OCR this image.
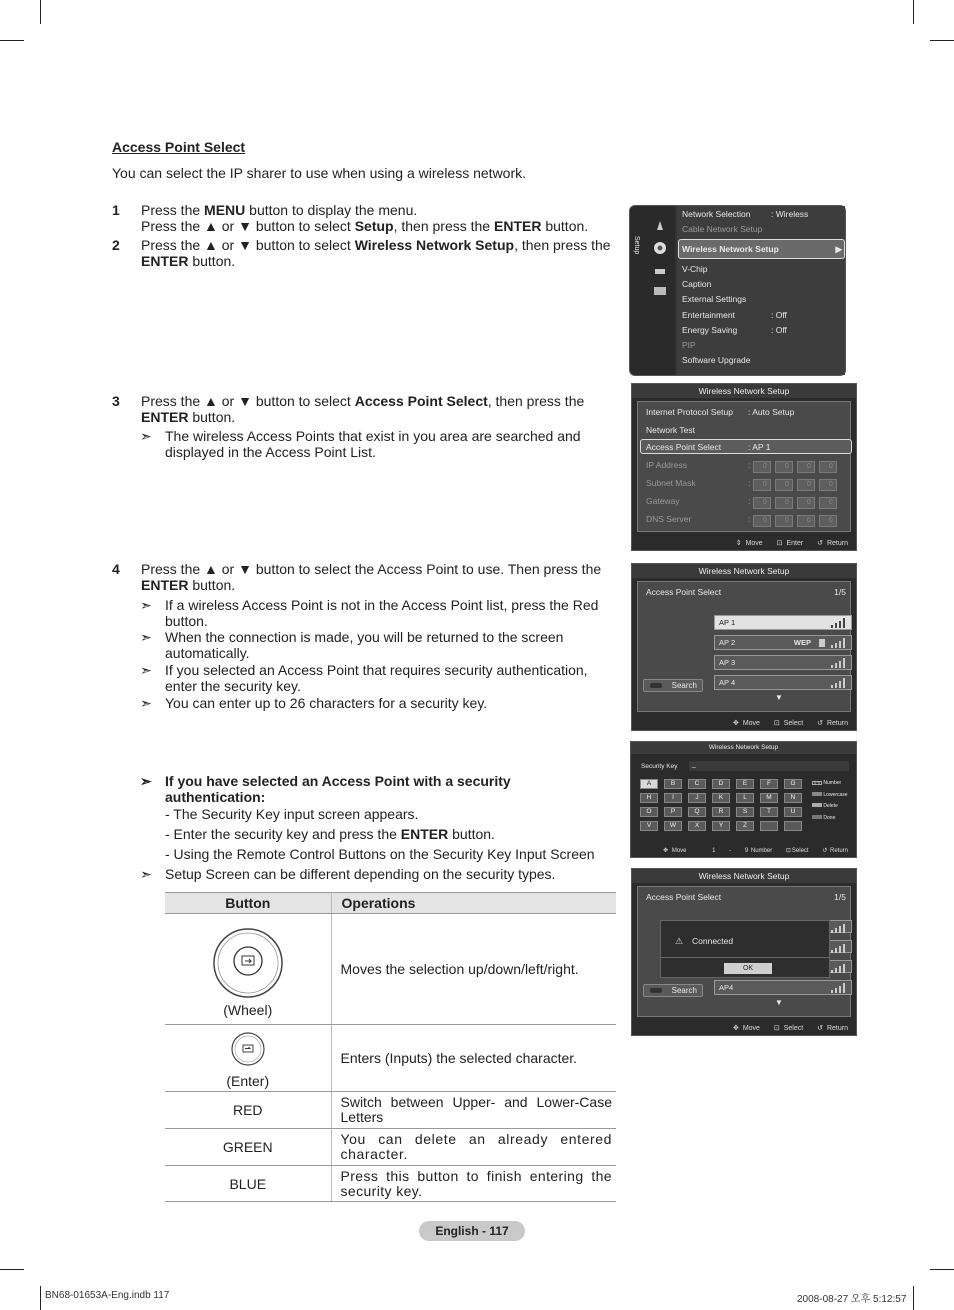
Access Point Select
You can select the IP sharer to use when using a wireless network.
1 Press the MENU button to display the menu.
Press the ▲ or ▼ button to select Setup, then press the ENTER button.
2 Press the ▲ or ▼ button to select Wireless Network Setup, then press the ENTER button.
3 Press the ▲ or ▼ button to select Access Point Select, then press the ENTER button.
➣ The wireless Access Points that exist in you area are searched and displayed in the Access Point List.
4 Press the ▲ or ▼ button to select the Access Point to use. Then press the ENTER button.
➣ If a wireless Access Point is not in the Access Point list, press the Red button.
➣ When the connection is made, you will be returned to the screen automatically.
➣ If you selected an Access Point that requires security authentication, enter the security key.
➣ You can enter up to 26 characters for a security key.
➣ If you have selected an Access Point with a security authentication:
- The Security Key input screen appears.
- Enter the security key and press the ENTER button.
- Using the Remote Control Buttons on the Security Key Input Screen
➣ Setup Screen can be different depending on the security types.
Button	Operations

(Wheel)	Moves the selection up/down/left/right.

(Enter)	Enters (Inputs) the selected character.
RED	Switch between Upper- and Lower-Case Letters
GREEN	You can delete an already entered character.
BLUE	Press this button to finish entering the security key.
Setup
Network Selection : Wireless
Cable Network Setup
Wireless Network Setup	▶
V-Chip
Caption
External Settings
Entertainment	: Off
Energy Saving	: Off
PIP
Software Upgrade
Wireless Network Setup
Internet Protocol Setup : Auto Setup
Network Test
Access Point Select	: AP 1
IP Address	: 0	0	0	0
Subnet Mask	: 0	0	0	0
Gateway	: 0	0	0	0
DNS Server	: 0	0	0	0
⇕ Move ⊡ Enter ↺ Return
Wireless Network Setup
Access Point Select	1/5
AP 1
AP 2	WEP
AP 3
AP 4
▼
Search
✥ Move ⊡ Select ↺ Return
Wireless Network Setup
Security Key	_
A	B	C	D	E	F	G
H	I	J	K	L	M	N
O	P	Q	R	S	T	U
V	W	X	Y	Z
0~9 Number
Lowercase
Delete
Done
✥ Move	1 - 9 Number ⊡Select ↺ Return
Wireless Network Setup
Access Point Select	1/5
AP4
▼
Search
⚠ Connected
OK
✥ Move ⊡ Select ↺ Return
English - 117
BN68-01653A-Eng.indb 117	2008-08-27 오후 5:12:57
